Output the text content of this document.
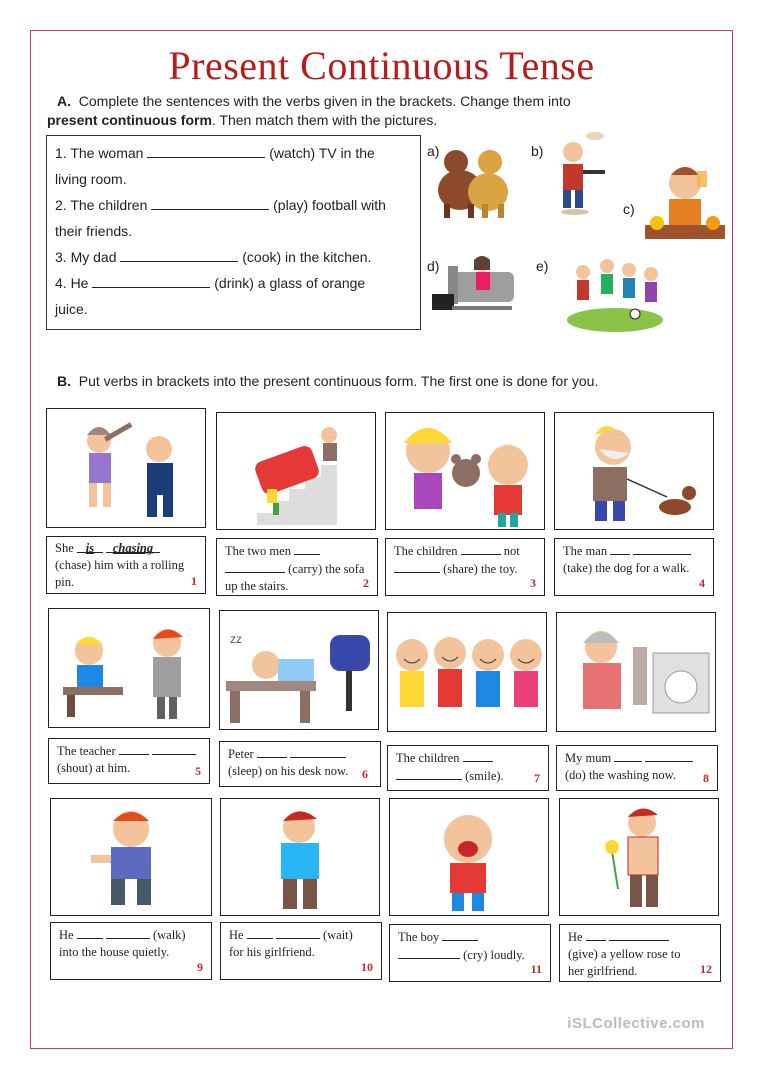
Present Continuous Tense
A. Complete the sentences with the verbs given in the brackets. Change them into
present continuous form. Then match them with the pictures.
1. The woman	(watch) TV in the
living room.
2. The children	(play) football with
their friends.
3. My dad	(cook) in the kitchen.
4. He	(drink) a glass of orange
juice.
a)	b)
c)
d)	e)
B. Put verbs in brackets into the present continuous form. The first one is done for you.
She is chasing
(chase) him with a rolling pin.	1
The two men
(carry) the sofa up the stairs.	2
The children	not
(share) the toy.
3
The man
(take) the dog for a walk.
4
zz
The teacher
(shout) at him.	5
Peter
(sleep) on his desk now.	6
The children
(smile).	7
My mum
(do) the washing now.	8
He	(walk)
into the house quietly.
9
He	(wait)
for his girlfriend.
10
The boy
(cry) loudly.
11
He
(give) a yellow rose to her girlfriend.	12
iSLCollective.com
